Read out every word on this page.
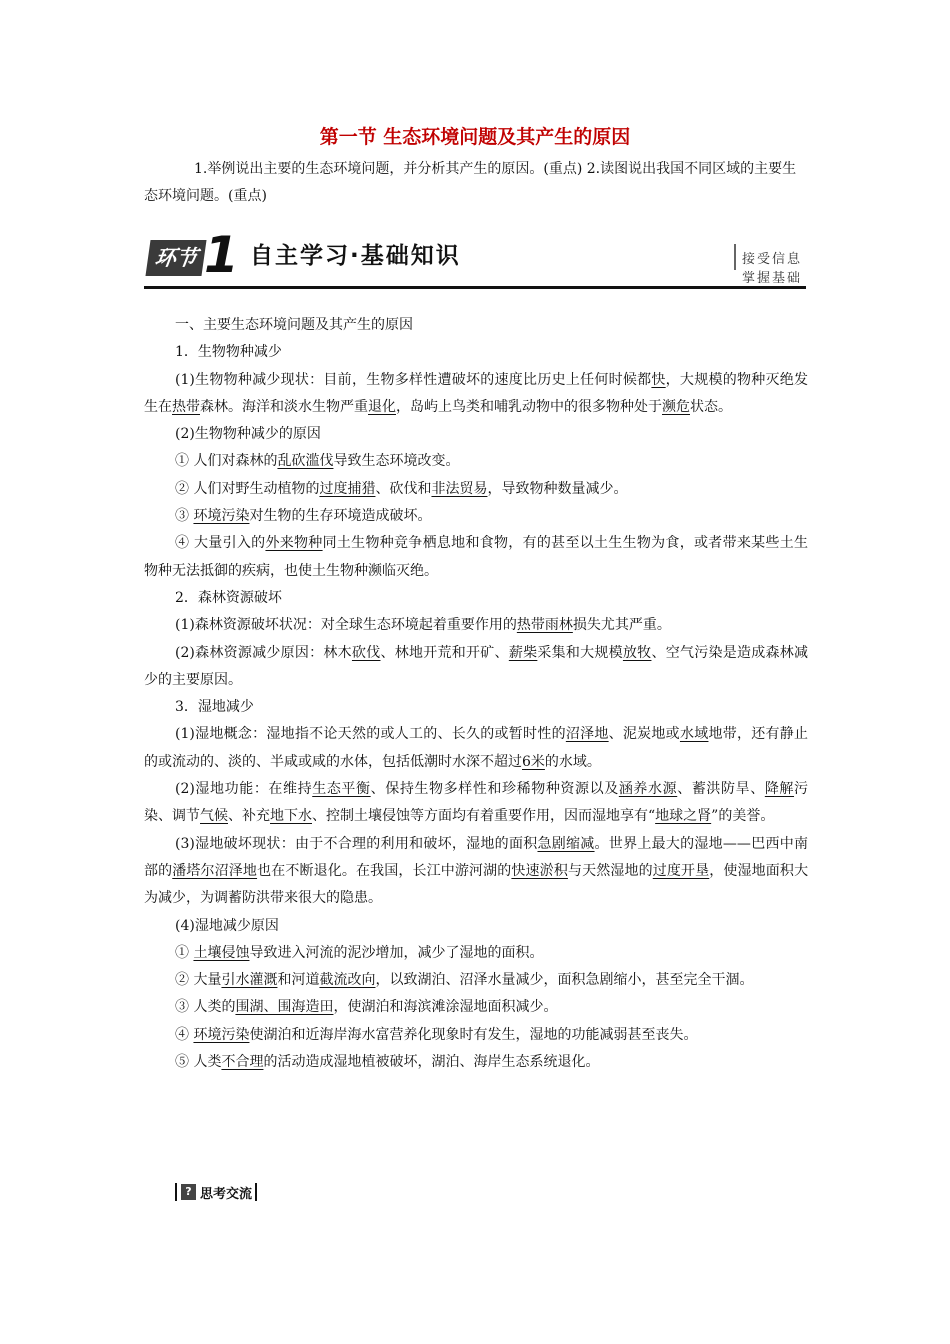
第一节 生态环境问题及其产生的原因
1.举例说出主要的生态环境问题，并分析其产生的原因。(重点) 2.读图说出我国不同区域的主要生态环境问题。(重点)
环节 1 自主学习·基础知识	接受信息 掌握基础

一、主要生态环境问题及其产生的原因

1．生物物种减少

(1)生物物种减少现状：目前，生物多样性遭破坏的速度比历史上任何时候都快，大规模的物种灭绝发生在热带森林。海洋和淡水生物严重退化，岛屿上鸟类和哺乳动物中的很多物种处于濒危状态。

(2)生物物种减少的原因

① 人们对森林的乱砍滥伐导致生态环境改变。

② 人们对野生动植物的过度捕猎、砍伐和非法贸易，导致物种数量减少。

③ 环境污染对生物的生存环境造成破坏。

④ 大量引入的外来物种同土生物种竞争栖息地和食物，有的甚至以土生生物为食，或者带来某些土生物种无法抵御的疾病，也使土生物种濒临灭绝。

2．森林资源破坏

(1)森林资源破坏状况：对全球生态环境起着重要作用的热带雨林损失尤其严重。

(2)森林资源减少原因：林木砍伐、林地开荒和开矿、薪柴采集和大规模放牧、空气污染是造成森林减少的主要原因。

3．湿地减少

(1)湿地概念：湿地指不论天然的或人工的、长久的或暂时性的沼泽地、泥炭地或水域地带，还有静止的或流动的、淡的、半咸或咸的水体，包括低潮时水深不超过6米的水域。

(2)湿地功能：在维持生态平衡、保持生物多样性和珍稀物种资源以及涵养水源、蓄洪防旱、降解污染、调节气候、补充地下水、控制土壤侵蚀等方面均有着重要作用，因而湿地享有“地球之肾”的美誉。

(3)湿地破坏现状：由于不合理的利用和破坏，湿地的面积急剧缩减。世界上最大的湿地——巴西中南部的潘塔尔沼泽地也在不断退化。在我国，长江中游河湖的快速淤积与天然湿地的过度开垦，使湿地面积大为减少，为调蓄防洪带来很大的隐患。

(4)湿地减少原因

① 土壤侵蚀导致进入河流的泥沙增加，减少了湿地的面积。

② 大量引水灌溉和河道截流改向，以致湖泊、沼泽水量减少，面积急剧缩小，甚至完全干涸。

③ 人类的围湖、围海造田，使湖泊和海滨滩涂湿地面积减少。

④ 环境污染使湖泊和近海岸海水富营养化现象时有发生，湿地的功能减弱甚至丧失。

⑤ 人类不合理的活动造成湿地植被破坏，湖泊、海岸生态系统退化。

? 思考交流
